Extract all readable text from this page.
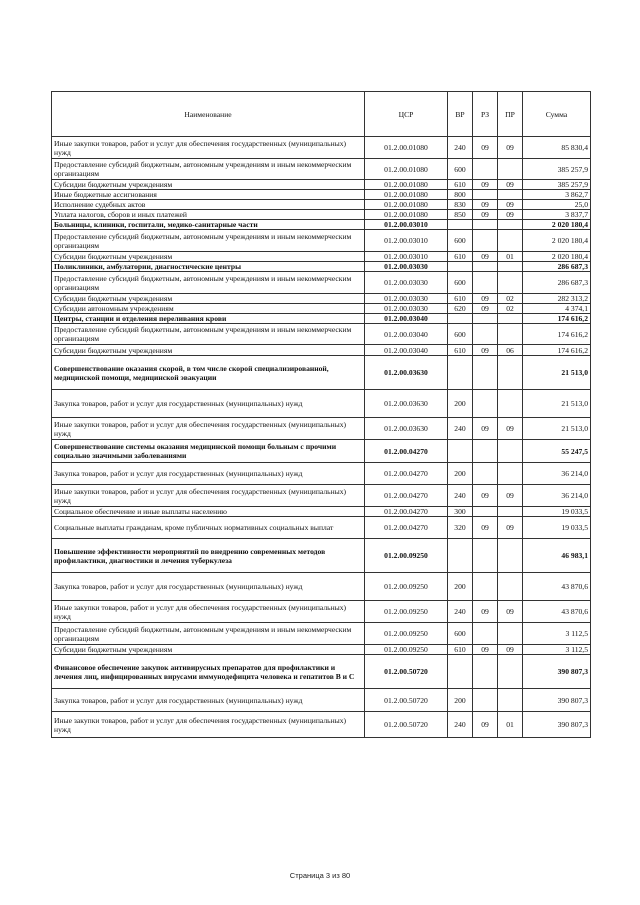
Наименование	ЦСР	ВР	РЗ	ПР	Сумма
Иные закупки товаров, работ и услуг для обеспечения государственных (муниципальных) нужд	01.2.00.01080	240	09	09	85 830,4
Предоставление субсидий бюджетным, автономным учреждениям и иным некоммерческим организациям	01.2.00.01080	600			385 257,9
Субсидии бюджетным учреждениям	01.2.00.01080	610	09	09	385 257,9
Иные бюджетные ассигнования	01.2.00.01080	800			3 862,7
Исполнение судебных актов	01.2.00.01080	830	09	09	25,0
Уплата налогов, сборов и иных платежей	01.2.00.01080	850	09	09	3 837,7
Больницы, клиники, госпитали, медико-санитарные части	01.2.00.03010				2 020 180,4
Предоставление субсидий бюджетным, автономным учреждениям и иным некоммерческим организациям	01.2.00.03010	600			2 020 180,4
Субсидии бюджетным учреждениям	01.2.00.03010	610	09	01	2 020 180,4
Поликлиники, амбулатории, диагностические центры	01.2.00.03030				286 687,3
Предоставление субсидий бюджетным, автономным учреждениям и иным некоммерческим организациям	01.2.00.03030	600			286 687,3
Субсидии бюджетным учреждениям	01.2.00.03030	610	09	02	282 313,2
Субсидии автономным учреждениям	01.2.00.03030	620	09	02	4 374,1
Центры, станции и отделения переливания крови	01.2.00.03040				174 616,2
Предоставление субсидий бюджетным, автономным учреждениям и иным некоммерческим организациям	01.2.00.03040	600			174 616,2
Субсидии бюджетным учреждениям	01.2.00.03040	610	09	06	174 616,2
Совершенствование оказания скорой, в том числе скорой специализированной, медицинской помощи, медицинской эвакуации	01.2.00.03630				21 513,0
Закупка товаров, работ и услуг для государственных (муниципальных) нужд	01.2.00.03630	200			21 513,0
Иные закупки товаров, работ и услуг для обеспечения государственных (муниципальных) нужд	01.2.00.03630	240	09	09	21 513,0
Совершенствование системы оказания медицинской помощи больным с прочими социально значимыми заболеваниями	01.2.00.04270				55 247,5
Закупка товаров, работ и услуг для государственных (муниципальных) нужд	01.2.00.04270	200			36 214,0
Иные закупки товаров, работ и услуг для обеспечения государственных (муниципальных) нужд	01.2.00.04270	240	09	09	36 214,0
Социальное обеспечение и иные выплаты населению	01.2.00.04270	300			19 033,5
Социальные выплаты гражданам, кроме публичных нормативных социальных выплат	01.2.00.04270	320	09	09	19 033,5
Повышение эффективности мероприятий по внедрению современных методов профилактики, диагностики и лечения туберкулеза	01.2.00.09250				46 983,1
Закупка товаров, работ и услуг для государственных (муниципальных) нужд	01.2.00.09250	200			43 870,6
Иные закупки товаров, работ и услуг для обеспечения государственных (муниципальных) нужд	01.2.00.09250	240	09	09	43 870,6
Предоставление субсидий бюджетным, автономным учреждениям и иным некоммерческим организациям	01.2.00.09250	600			3 112,5
Субсидии бюджетным учреждениям	01.2.00.09250	610	09	09	3 112,5
Финансовое обеспечение закупок антивирусных препаратов для профилактики и лечения лиц, инфицированных вирусами иммунодефицита человека и гепатитов B и C	01.2.00.50720				390 807,3
Закупка товаров, работ и услуг для государственных (муниципальных) нужд	01.2.00.50720	200			390 807,3
Иные закупки товаров, работ и услуг для обеспечения государственных (муниципальных) нужд	01.2.00.50720	240	09	01	390 807,3
Страница 3 из 80
